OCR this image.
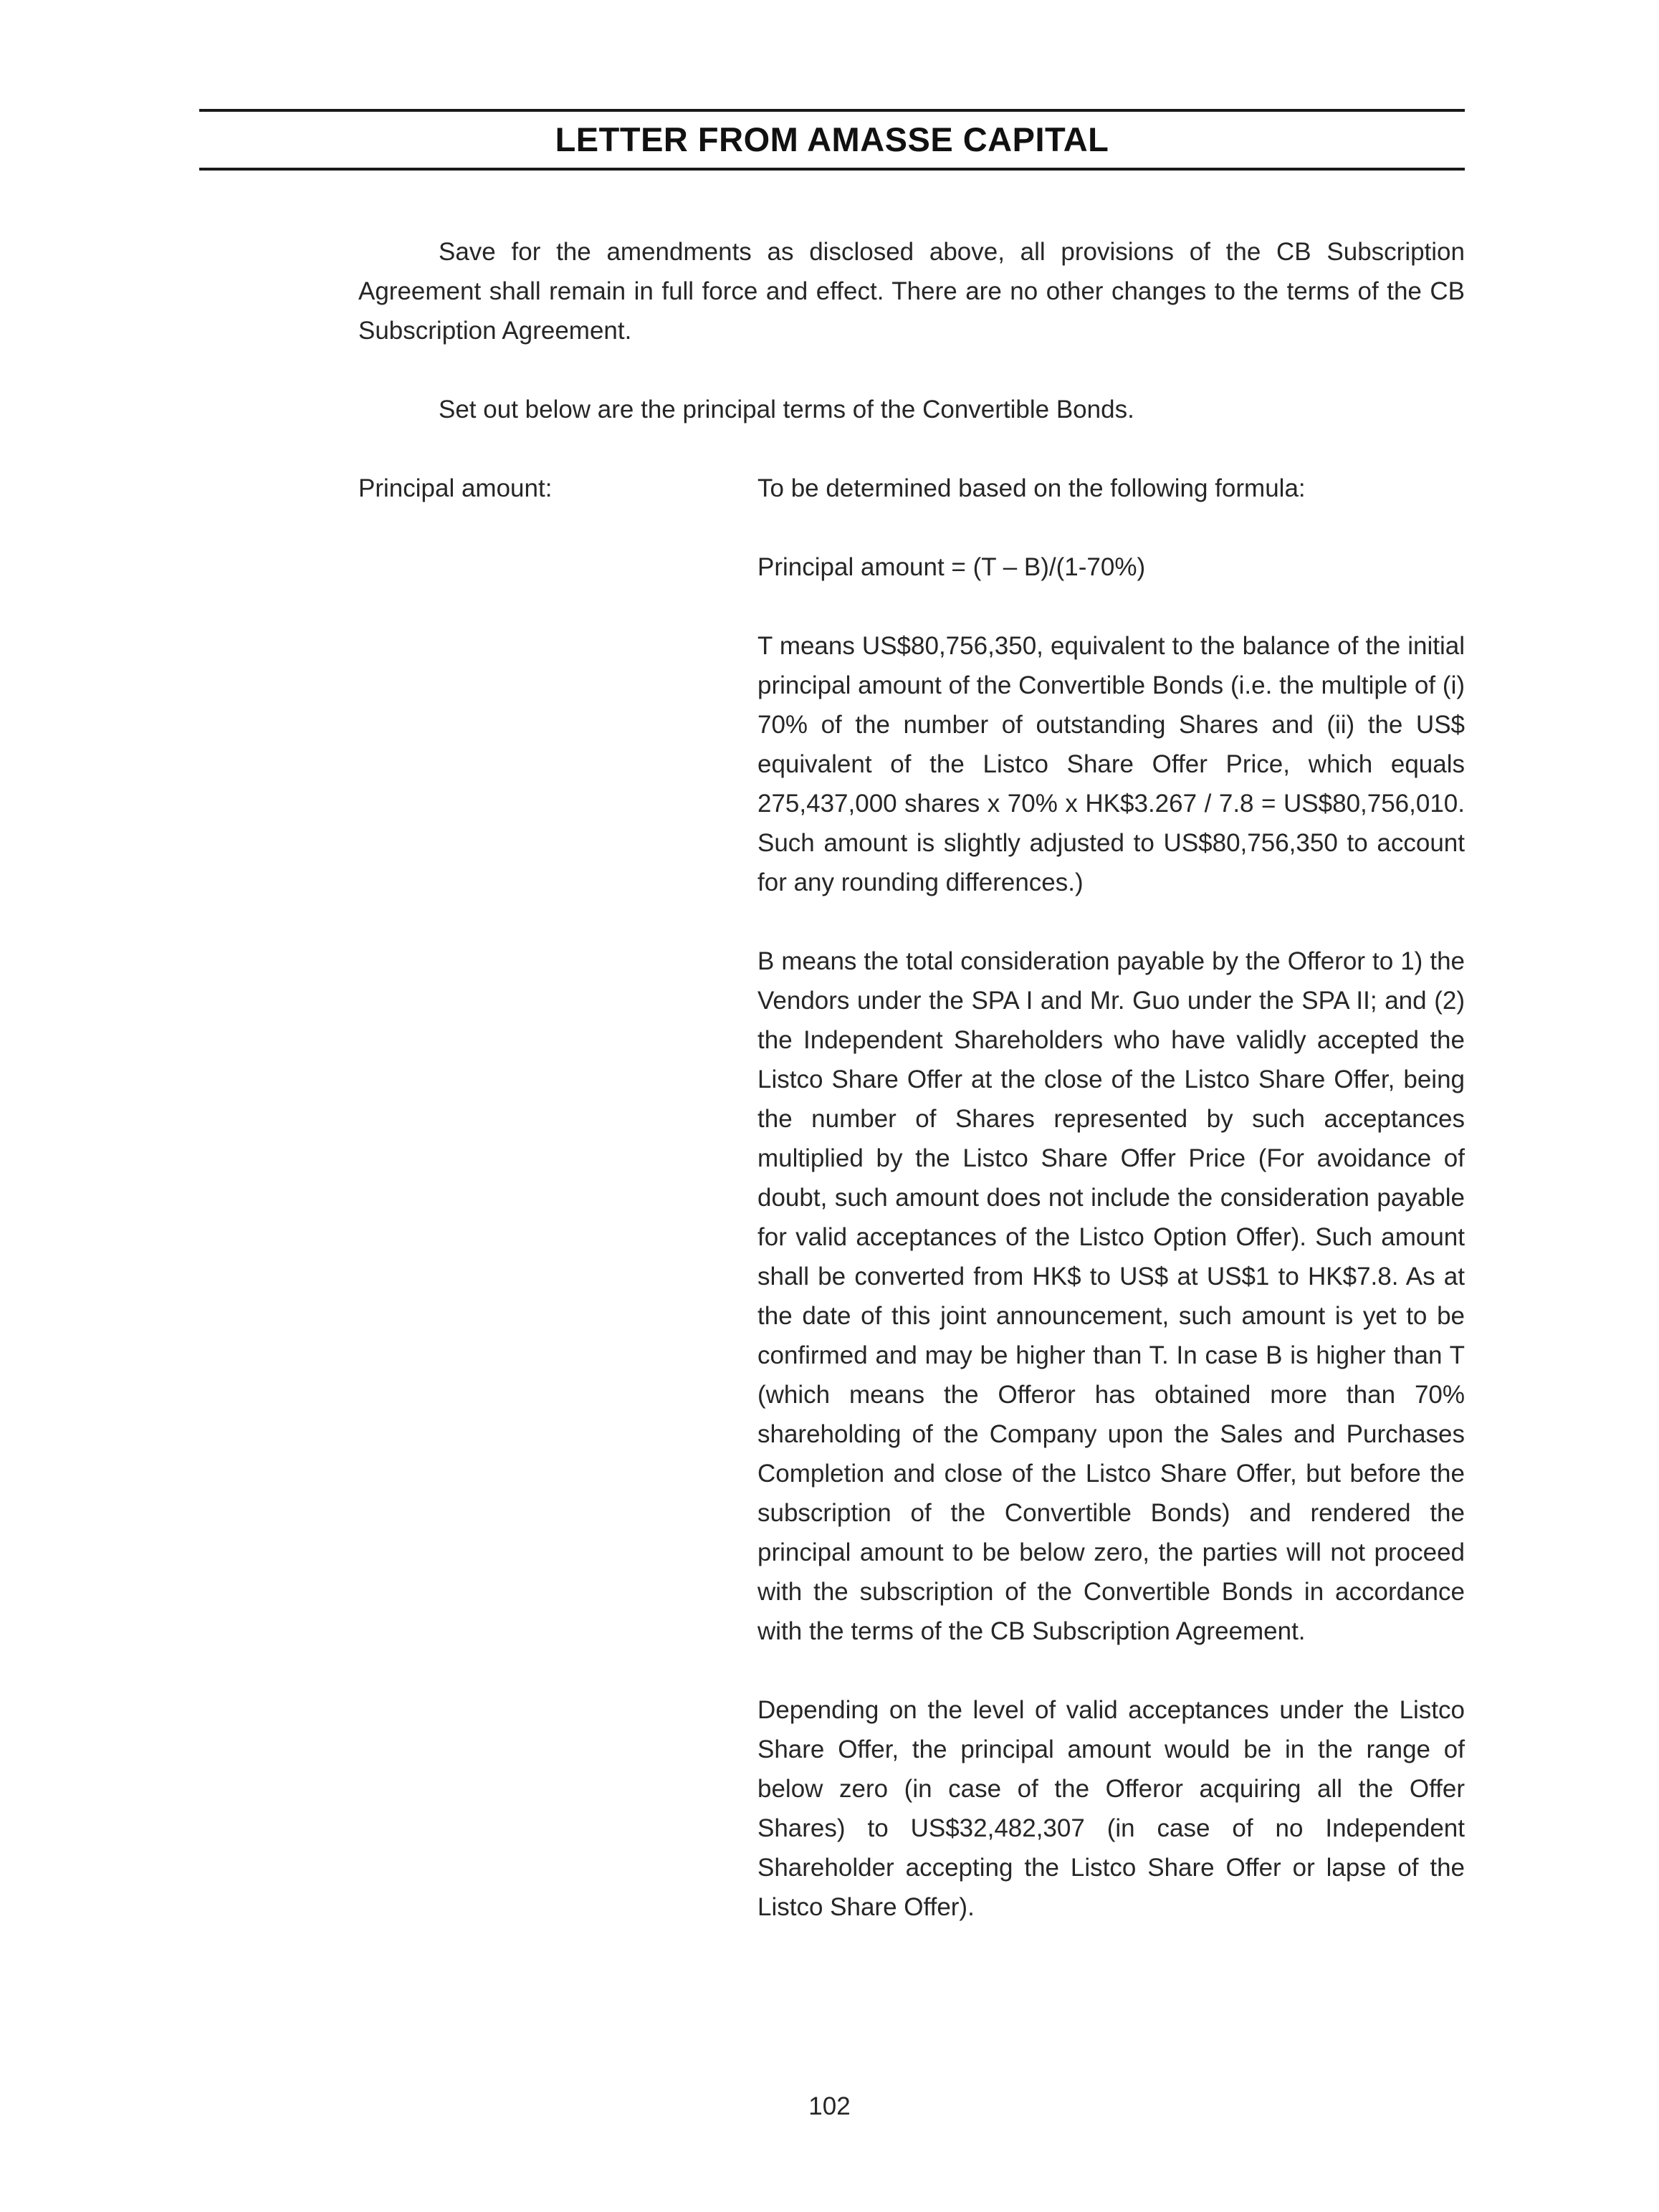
LETTER FROM AMASSE CAPITAL

Save for the amendments as disclosed above, all provisions of the CB Subscription Agreement shall remain in full force and effect. There are no other changes to the terms of the CB Subscription Agreement.

Set out below are the principal terms of the Convertible Bonds.

Principal amount:	To be determined based on the following formula:

Principal amount = (T – B)/(1-70%)

T means US$80,756,350, equivalent to the balance of the initial principal amount of the Convertible Bonds (i.e. the multiple of (i) 70% of the number of outstanding Shares and (ii) the US$ equivalent of the Listco Share Offer Price, which equals 275,437,000 shares x 70% x HK$3.267 / 7.8 = US$80,756,010. Such amount is slightly adjusted to US$80,756,350 to account for any rounding differences.)

B means the total consideration payable by the Offeror to 1) the Vendors under the SPA I and Mr. Guo under the SPA II; and (2) the Independent Shareholders who have validly accepted the Listco Share Offer at the close of the Listco Share Offer, being the number of Shares represented by such acceptances multiplied by the Listco Share Offer Price (For avoidance of doubt, such amount does not include the consideration payable for valid acceptances of the Listco Option Offer). Such amount shall be converted from HK$ to US$ at US$1 to HK$7.8. As at the date of this joint announcement, such amount is yet to be confirmed and may be higher than T. In case B is higher than T (which means the Offeror has obtained more than 70% shareholding of the Company upon the Sales and Purchases Completion and close of the Listco Share Offer, but before the subscription of the Convertible Bonds) and rendered the principal amount to be below zero, the parties will not proceed with the subscription of the Convertible Bonds in accordance with the terms of the CB Subscription Agreement.

Depending on the level of valid acceptances under the Listco Share Offer, the principal amount would be in the range of below zero (in case of the Offeror acquiring all the Offer Shares) to US$32,482,307 (in case of no Independent Shareholder accepting the Listco Share Offer or lapse of the Listco Share Offer).

102
